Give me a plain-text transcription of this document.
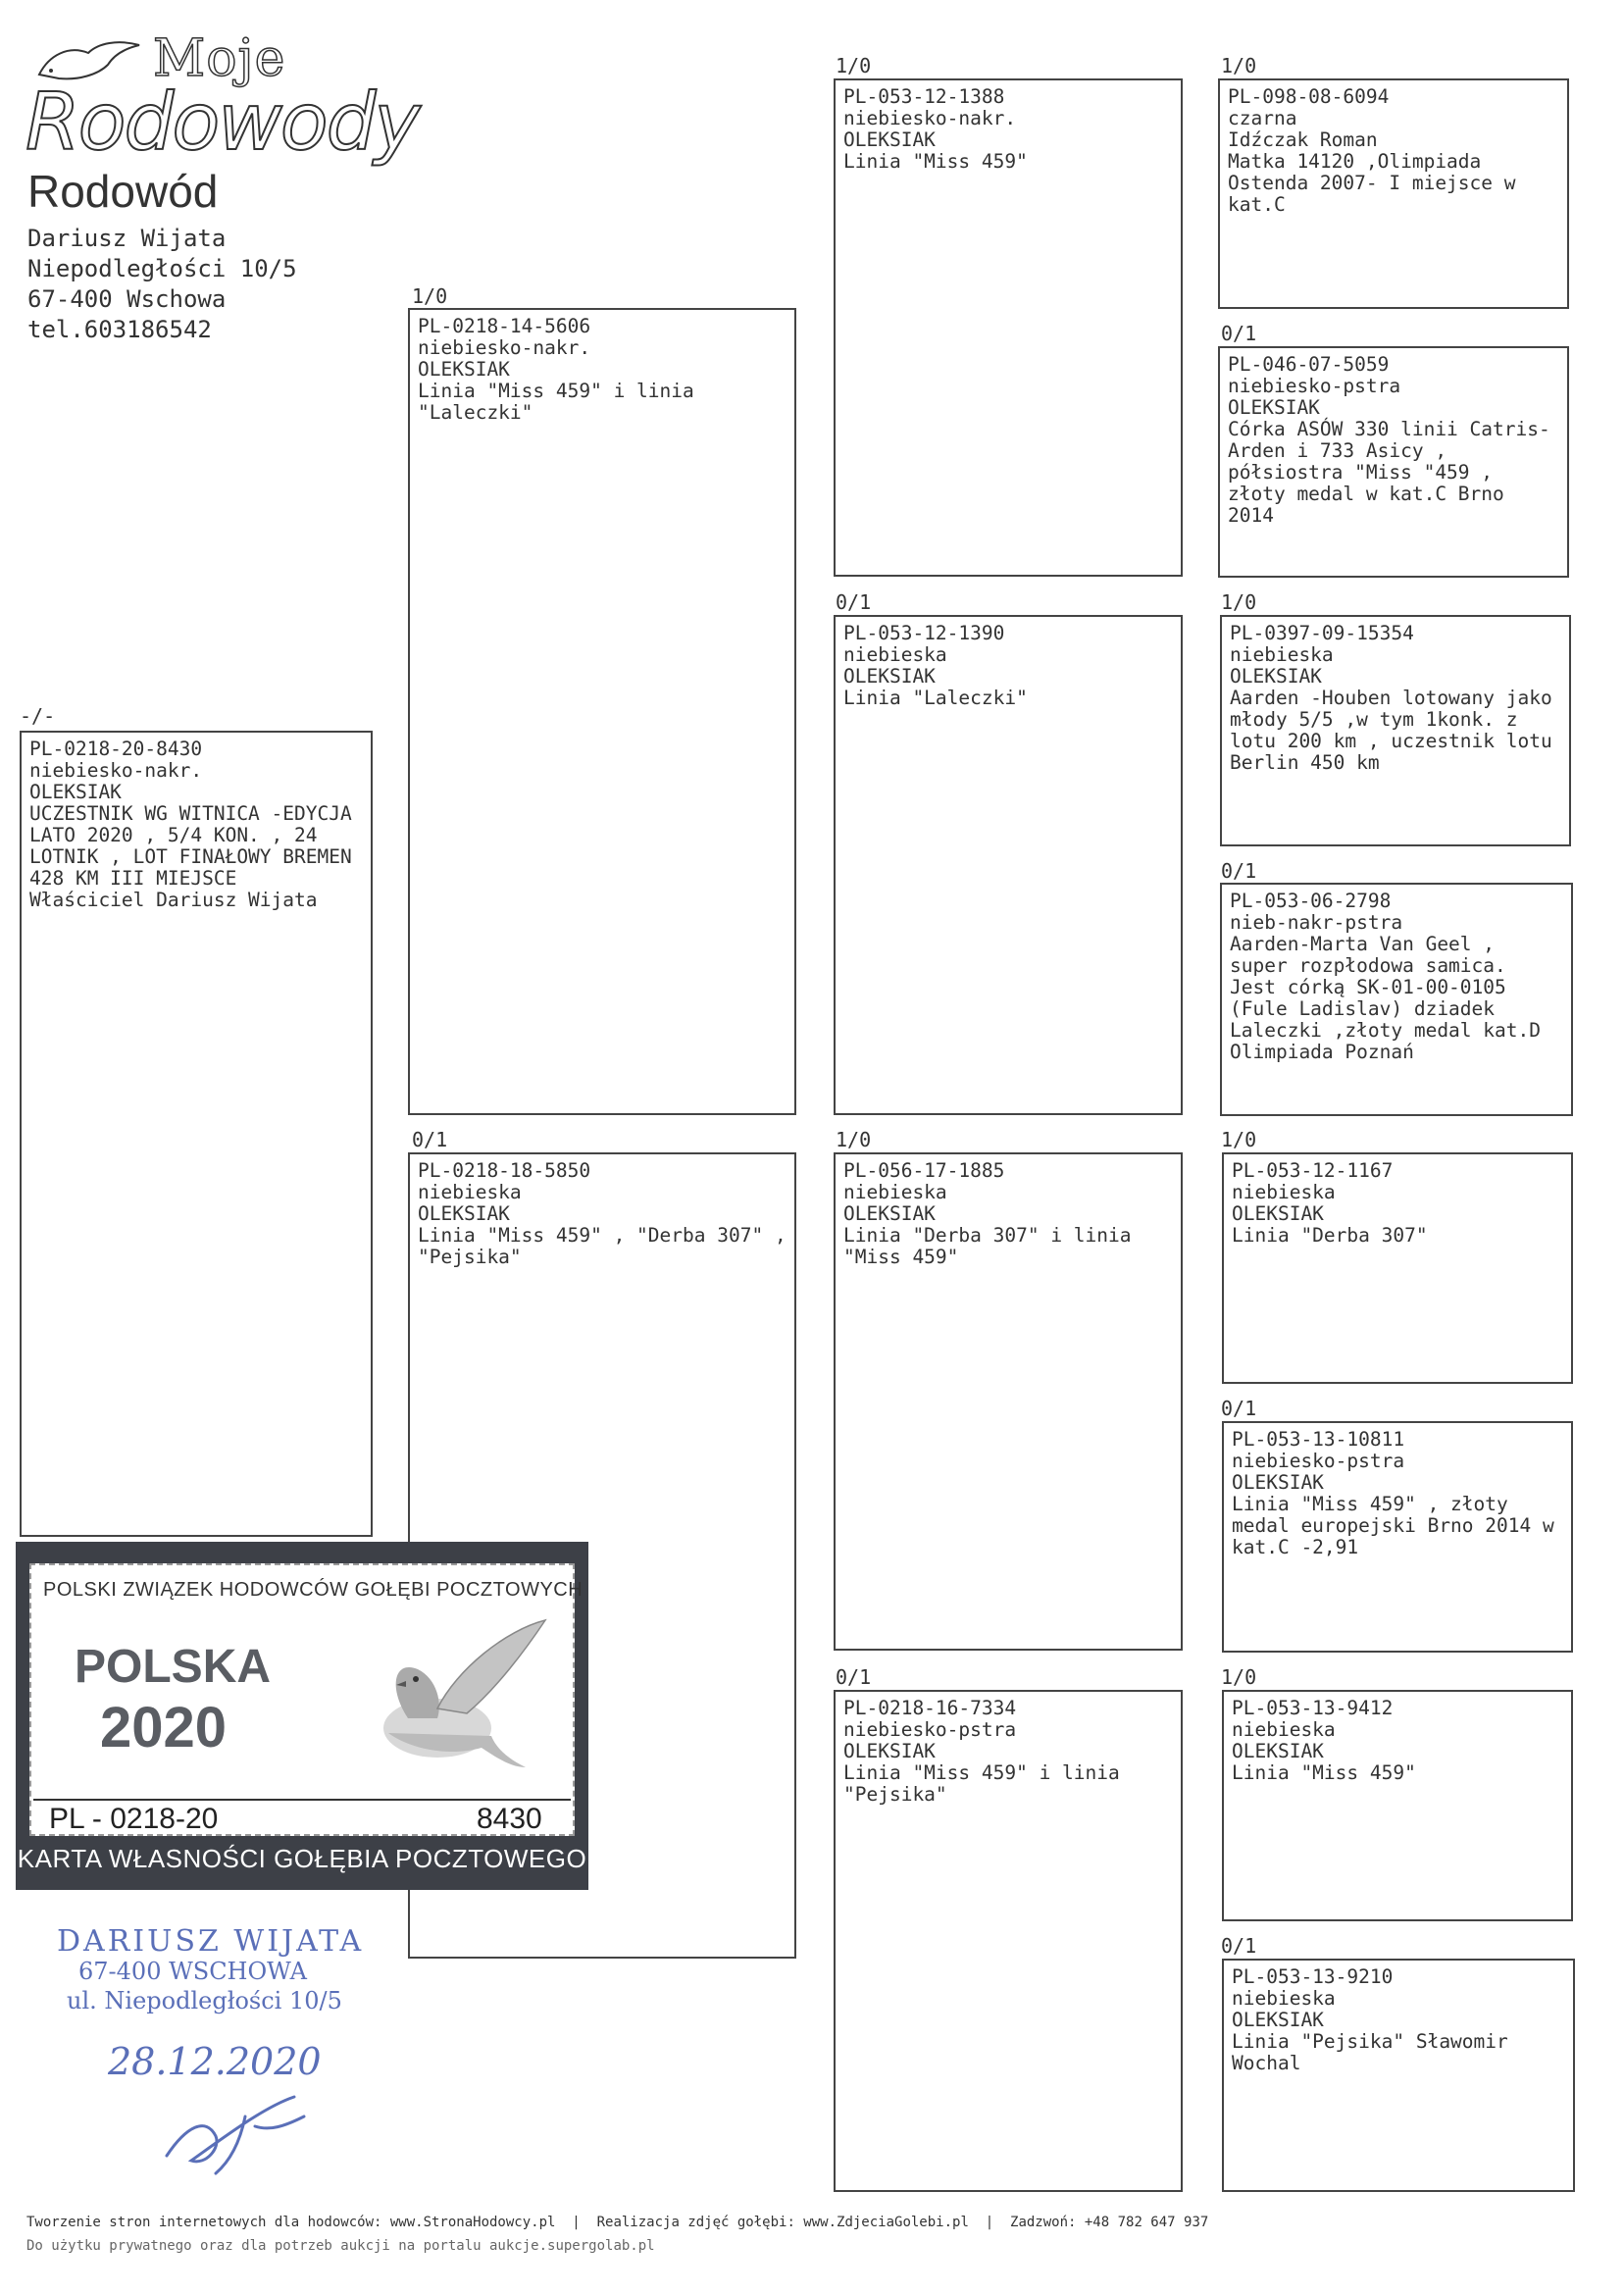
Moje
Rodowody
Rodowód
Dariusz Wijata
Niepodległości 10/5
67-400 Wschowa
tel.603186542
-/-
PL-0218-20-8430
niebiesko-nakr.
OLEKSIAK
UCZESTNIK WG WITNICA -EDYCJA LATO 2020 , 5/4 KON. , 24 LOTNIK , LOT FINAŁOWY BREMEN 428 KM III MIEJSCE Właściciel Dariusz Wijata
1/0
PL-0218-14-5606
niebiesko-nakr.
OLEKSIAK
Linia "Miss 459" i linia "Laleczki"
0/1
PL-0218-18-5850
niebieska
OLEKSIAK
Linia "Miss 459" , "Derba 307" , "Pejsika"
1/0
PL-053-12-1388
niebiesko-nakr.
OLEKSIAK
Linia "Miss 459"
0/1
PL-053-12-1390
niebieska
OLEKSIAK
Linia "Laleczki"
1/0
PL-056-17-1885
niebieska
OLEKSIAK
Linia "Derba 307" i linia "Miss 459"
0/1
PL-0218-16-7334
niebiesko-pstra
OLEKSIAK
Linia "Miss 459" i linia "Pejsika"
1/0
PL-098-08-6094
czarna
Idźczak Roman
Matka 14120 ,Olimpiada Ostenda 2007- I miejsce w kat.C
0/1
PL-046-07-5059
niebiesko-pstra
OLEKSIAK
Córka ASÓW 330 linii Catris-Arden i 733 Asicy , półsiostra "Miss "459 , złoty medal w kat.C Brno 2014
1/0
PL-0397-09-15354
niebieska
OLEKSIAK
Aarden -Houben lotowany jako młody 5/5 ,w tym 1konk. z lotu 200 km , uczestnik lotu Berlin 450 km
0/1
PL-053-06-2798
nieb-nakr-pstra
Aarden-Marta Van Geel , super rozpłodowa samica. Jest córką SK-01-00-0105 (Fule Ladislav) dziadek Laleczki ,złoty medal kat.D Olimpiada Poznań
1/0
PL-053-12-1167
niebieska
OLEKSIAK
Linia "Derba 307"
0/1
PL-053-13-10811
niebiesko-pstra
OLEKSIAK
Linia "Miss 459" , złoty medal europejski Brno 2014 w kat.C -2,91
1/0
PL-053-13-9412
niebieska
OLEKSIAK
Linia "Miss 459"
0/1
PL-053-13-9210
niebieska
OLEKSIAK
Linia "Pejsika" Sławomir Wochal
POLSKI ZWIĄZEK HODOWCÓW GOŁĘBI POCZTOWYCH
POLSKA
2020
PL - 0218-20	8430
KARTA WŁASNOŚCI GOŁĘBIA POCZTOWEGO
DARIUSZ WIJATA
67-400 WSCHOWA
ul. Niepodległości 10/5
28.12.2020
Tworzenie stron internetowych dla hodowców: www.StronaHodowcy.pl  |  Realizacja zdjęć gołębi: www.ZdjeciaGolebi.pl  |  Zadzwoń: +48 782 647 937
Do użytku prywatnego oraz dla potrzeb aukcji na portalu aukcje.supergolab.pl
